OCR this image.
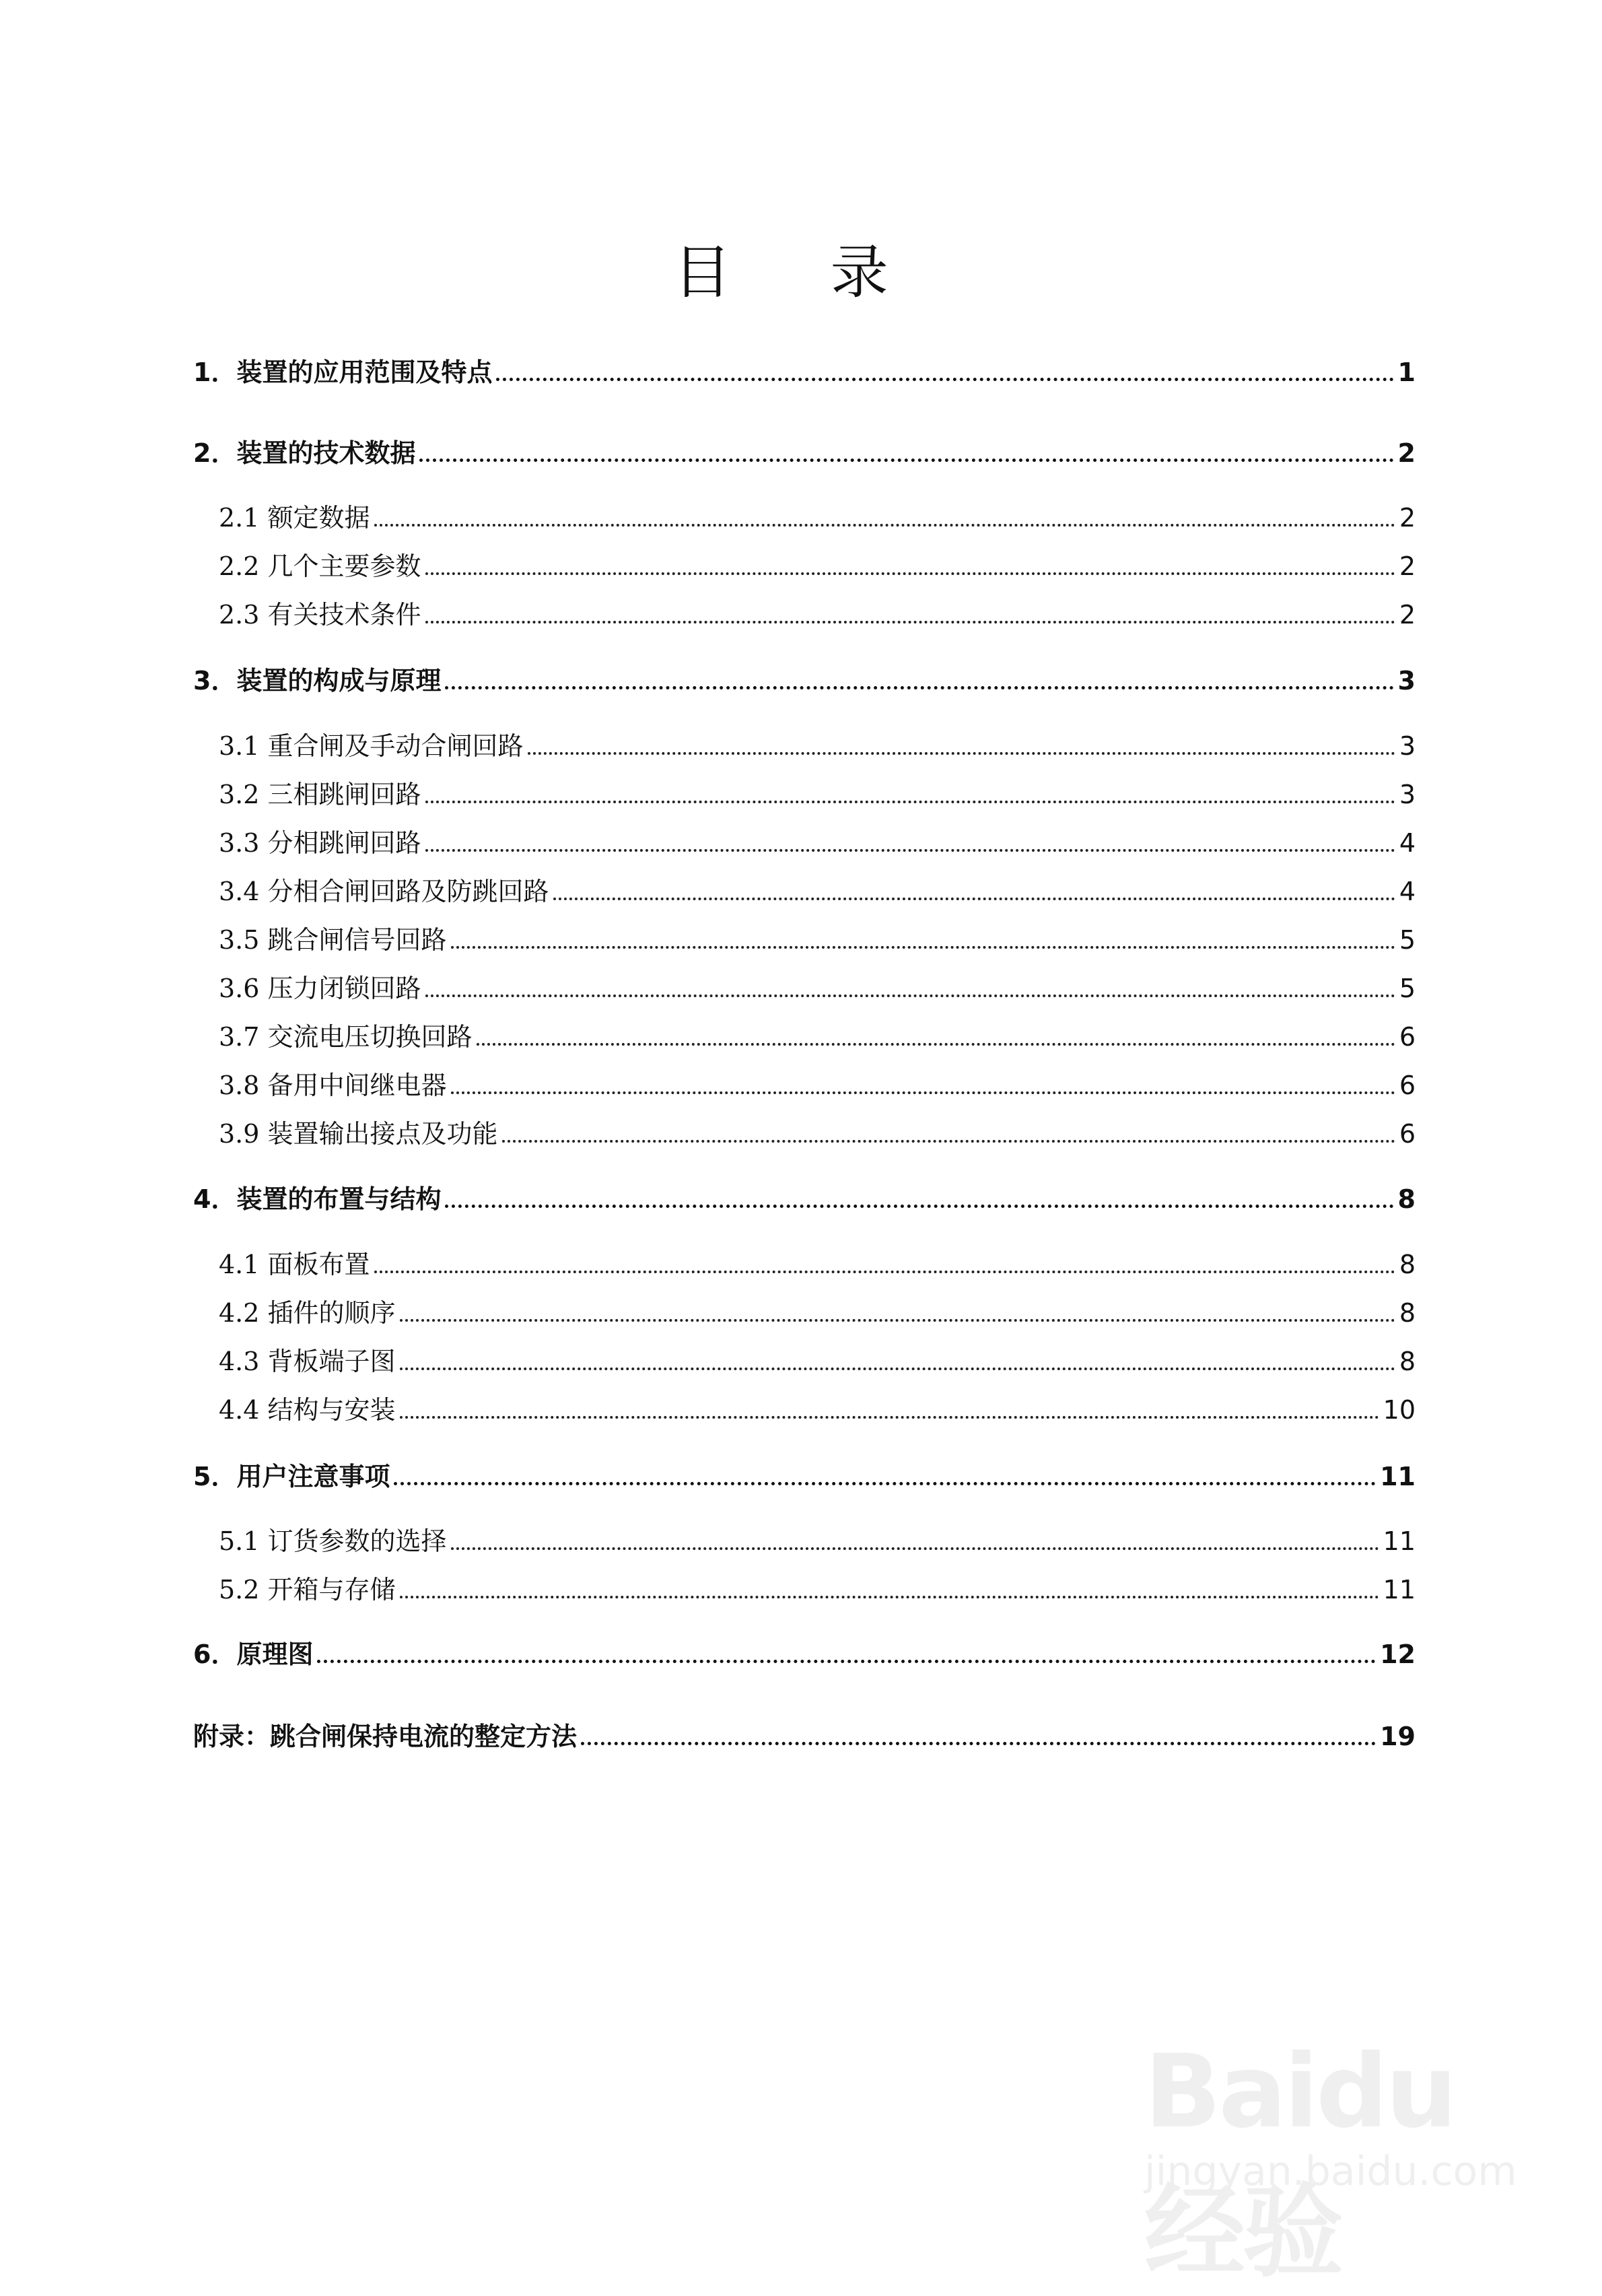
目 录
1．装置的应用范围及特点	1
2．装置的技术数据	2
2.1 额定数据	2
2.2 几个主要参数	2
2.3 有关技术条件	2
3．装置的构成与原理	3
3.1 重合闸及手动合闸回路	3
3.2 三相跳闸回路	3
3.3 分相跳闸回路	4
3.4 分相合闸回路及防跳回路	4
3.5 跳合闸信号回路	5
3.6 压力闭锁回路	5
3.7 交流电压切换回路	6
3.8 备用中间继电器	6
3.9 装置输出接点及功能	6
4．装置的布置与结构	8
4.1 面板布置	8
4.2 插件的顺序	8
4.3 背板端子图	8
4.4 结构与安装	10
5．用户注意事项	11
5.1 订货参数的选择	11
5.2 开箱与存储	11
6．原理图	12
附录：跳合闸保持电流的整定方法	19
Baidu 经验
jingyan.baidu.com
